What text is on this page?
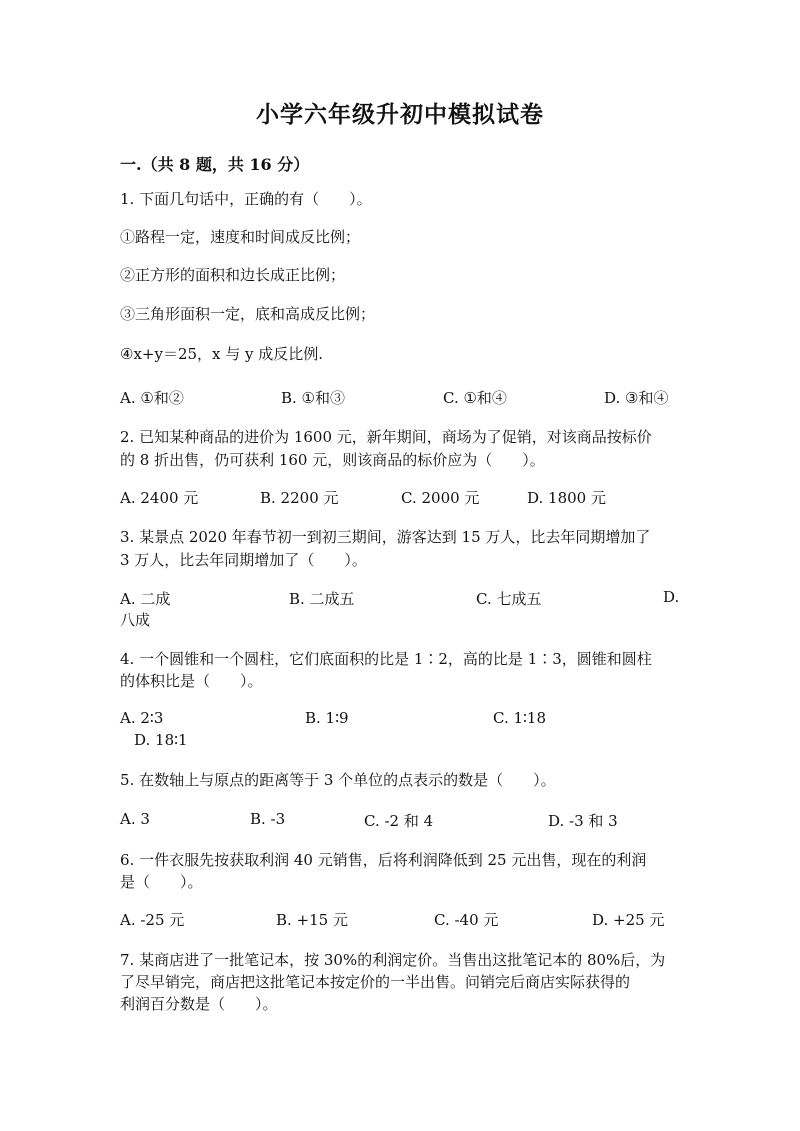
小学六年级升初中模拟试卷
一.（共 8 题，共 16 分）
1. 下面几句话中，正确的有（　　）。
①路程一定，速度和时间成反比例；
②正方形的面积和边长成正比例；
③三角形面积一定，底和高成反比例；
④x+y＝25，x 与 y 成反比例.
A. ①和②	B. ①和③	C. ①和④	D. ③和④
2. 已知某种商品的进价为 1600 元，新年期间，商场为了促销，对该商品按标价
的 8 折出售，仍可获利 160 元，则该商品的标价应为（　　）。
A. 2400 元	B. 2200 元	C. 2000 元	D. 1800 元
3. 某景点 2020 年春节初一到初三期间，游客达到 15 万人，比去年同期增加了
3 万人，比去年同期增加了（　　）。
A. 二成	B. 二成五	C. 七成五	D.
八成
4. 一个圆锥和一个圆柱，它们底面积的比是 1∶2，高的比是 1∶3，圆锥和圆柱
的体积比是（　　）。
A. 2∶3	B. 1∶9	C. 1∶18
D. 18∶1
5. 在数轴上与原点的距离等于 3 个单位的点表示的数是（　　）。
A. 3	B. -3	C. -2 和 4	D. -3 和 3
6. 一件衣服先按获取利润 40 元销售，后将利润降低到 25 元出售，现在的利润
是（　　）。
A. -25 元	B. +15 元	C. -40 元	D. +25 元
7. 某商店进了一批笔记本，按 30%的利润定价。当售出这批笔记本的 80%后，为
了尽早销完，商店把这批笔记本按定价的一半出售。问销完后商店实际获得的
利润百分数是（　　）。
